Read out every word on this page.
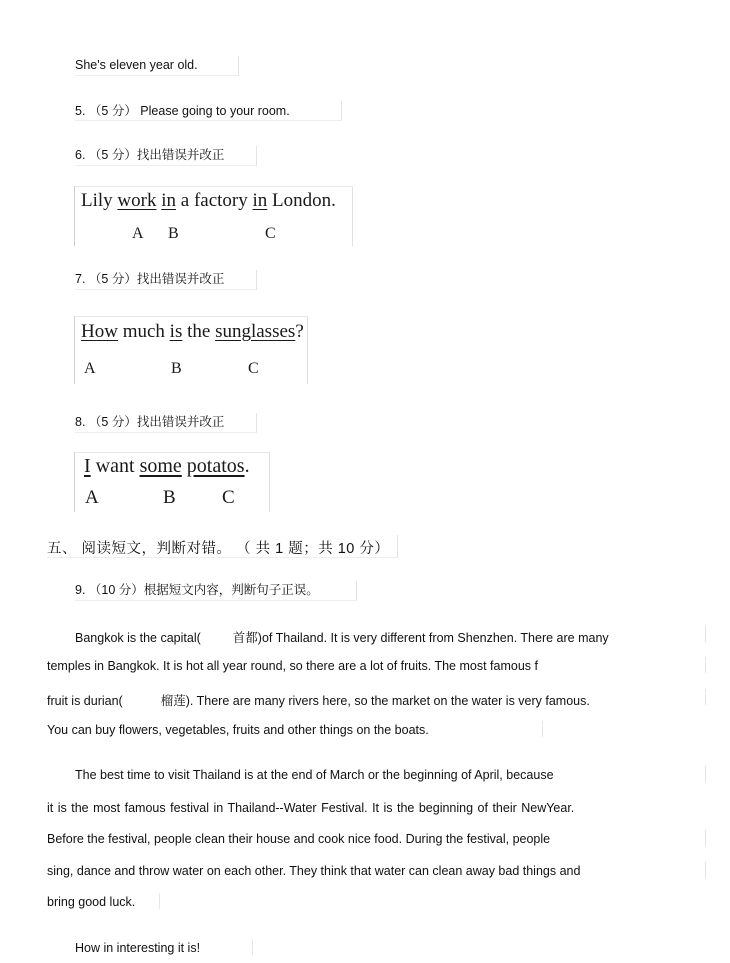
She's eleven year old.
5. （5 分） Please going to your room.
6. （5 分）找出错误并改正
Lily work in a factory in London.
A B	C
7. （5 分）找出错误并改正
How much is the sunglasses?
A	B	C
8. （5 分）找出错误并改正
I want some potatos.
A	B C
五、 阅读短文，判断对错。 （ 共 1 题；共 10 分）
9. （10 分）根据短文内容，判断句子正误。
Bangkok is the capital(	首都)of Thailand. It is very different from Shenzhen. There are many
temples in Bangkok. It is hot all year round, so there are a lot of fruits. The most famous f
fruit is durian(	榴莲). There are many rivers here, so the market on the water is very famous.
You can buy flowers, vegetables, fruits and other things on the boats.
The best time to visit Thailand is at the end of March or the beginning of April, because
it is the most famous festival in Thailand--Water Festival. It is the beginning of their NewYear.
Before the festival, people clean their house and cook nice food. During the festival, people
sing, dance and throw water on each other. They think that water can clean away bad things and
bring good luck.
How in interesting it is!
